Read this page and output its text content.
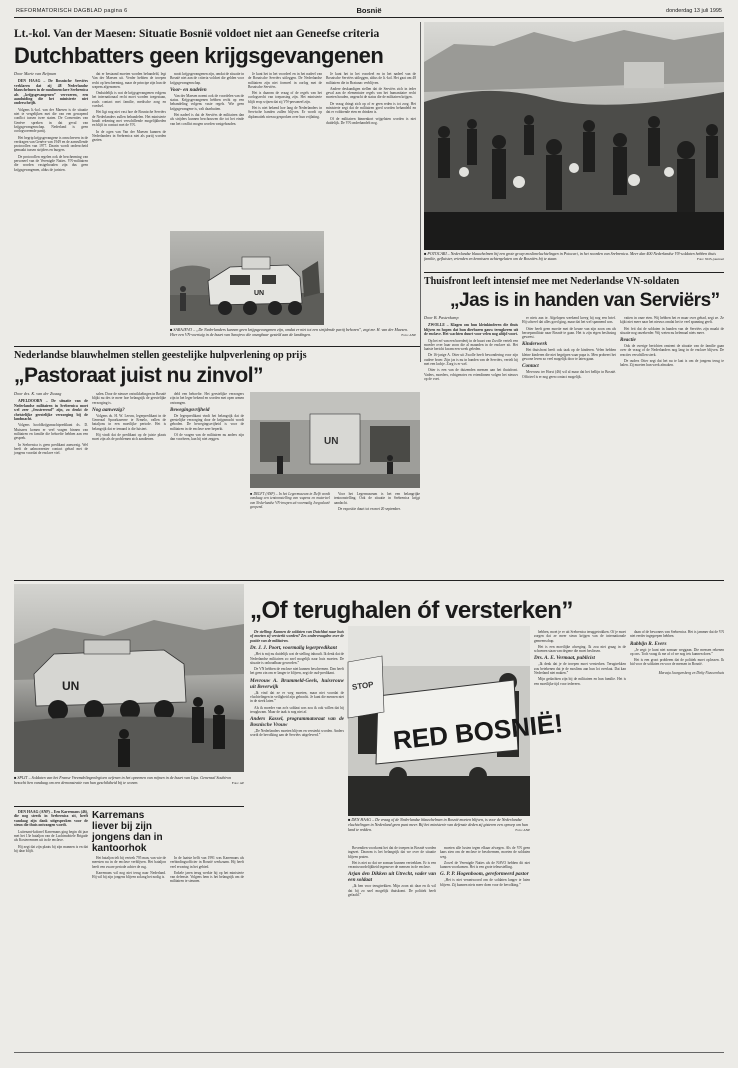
REFORMATORISCH DAGBLAD pagina 6	Bosnië	donderdag 13 juli 1995
Lt.-kol. Van der Maesen: Situatie Bosnië voldoet niet aan Geneefse criteria
Dutchbatters geen krijgsgevangenen
Door Marie van Beijnum

DEN HAAG – De Bosnische Serviërs verklaren dat zij 48 Nederlandse blauwhelmen in de moslimenclave Srebrenica als „krijgsgevangenen” vervoeren, een aanduiding die het ministerie niet onderschrijft.

Volgens lt.-kol. van der Maesen is de situatie niet te vergelijken met die van een gewapend conflict tussen twee staten. De Conventies van Genève spreken in dat geval van krijgsgevangenschap. Nederland is geen oorlogvoerende partij.

Het begrip krijgsgevangene is omschreven in de verdragen van Genève van 1949 en de aanvullende protocollen van 1977. Daarin wordt onderscheid gemaakt tussen strijders en burgers.

De protocollen regelen ook de bescherming van personeel van de Verenigde Naties. VN-militairen die worden vastgehouden zijn dus geen krijgsgevangenen, aldus de juristen.

dat er bestaand moeten worden behandeld, legt Van der Maesen uit. Verder hebben de troepen recht op bescherming, maar de principe zijn hun de wapens afgenomen.

Onduidelijk is wat de krijgsgevangenen volgens het internationaal recht moet worden toegestaan, zoals contact met familie, medische zorg en voedsel.

Het ligt nog niet vast hoe de Bosnische Serviërs de Nederlanders zullen behandelen. Het ministerie houdt rekening met verschillende mogelijkheden en blijft in contact met de VN.

In de ogen van Van der Maesen kunnen de Nederlanders in Srebrenica niet als partij worden gezien.

nooit krijgsgevangenen zijn, omdat de situatie in Bosnië niet aan de criteria voldoet die gelden voor krijgsgevangenschap.

Voor- en nadelen

Van der Maesen noemt ook de voordelen van de status. Krijgsgevangenen hebben recht op een behandeling volgens vaste regels. Wie geen krijgsgevangene is, valt daarbuiten.

Het nadeel is dat de Serviërs de militairen dan als strijders kunnen beschouwen die tot het einde van het conflict mogen worden vastgehouden.

Je kunt het in het voordeel en in het nadeel van de Bosnische Serviërs uitleggen. De Nederlandse militairen zijn niet formeel in oorlog met de Bosnische Serviërs.

Het is daarom de vraag of de regels van het oorlogsrecht van toepassing zijn. Het ministerie blijft erop wijzen dat zij VN-personeel zijn.

Het is niet bekend hoe lang de Nederlanders in Servische handen zullen blijven. Er wordt op diplomatiek niveau gesproken over hun vrijlating.

Je kunt het in het voordeel en in het nadeel van de Bosnische Serviërs uitleggen, aldus de lt.-kol. Het gaat om 48 militairen die in Bratunac verblijven.

Andere deskundigen stellen dat de Serviërs zich in ieder geval aan de elementaire regels van het humanitaire recht moeten houden, ongeacht de status die de militairen krijgen.

De vraag dringt zich op of er geen reden is tot zorg. Het ministerie zegt dat de militairen goed worden behandeld en dat er voldoende eten en drinken is.

Of de militairen binnenkort vrijgelaten worden is niet duidelijk. De VN onderhandelt nog.

UN
■ SARAJEVO – „De Nederlanders kunnen geen krijgsgevangenen zijn, omdat er niet tot een strijdende partij behoren”, zegt mr. H. van der Maesen. Hier een VN-voertuig in de buurt van Sarajevo die onzegbaar gesteld aan de landingen.	Foto: ANP
■ POTOCARI – Nederlandse blauwhelmen bij een grote groep moslimvluchtelingen in Potocari, in het noorden van Srebrenica. Meer dan 400 Nederlandse VN-soldaten hebben thuis familie, gefluister, vrienden en kennissen achtergelaten om de Bosniërs bij te staan.	Foto: NOS-journaal
Thuisfront leeft intensief mee met Nederlandse VN-soldaten
„Jas is in handen van Serviërs”
Door B. Pasterkamp

ZWOLLE – Klagen om hun kleinkinderen die thuis blijven en hopen dat hun dierbaren gauw terugkeren uit de enclave. Het wachten duurt voor velen nog altijd voort.

Op het erf van een boerderij in de buurt van Zwolle vertelt een moeder over haar zoon die al maanden in de enclave zit. Het laatste bericht kwam een week geleden.

De 16-jarige A. Otter uit Zwolle heeft bewondering voor zijn oudere broer. Zijn jas is nu in handen van de Serviërs, vertelt hij met een lachje. Zorg is er wel.

Otter is een van de duizenden mensen aan het thuisfront. Vaders, moeders, echtgenotes en vriendinnen volgen het nieuws op de voet.

er niets aan te. Afgelopen weekend kreeg hij nog een brief. Hij schreef dat alles goed ging, maar dat het wel spannend was.

Otter heeft geen moeite met de keuze van zijn zoon om als beroepsmilitair naar Bosnië te gaan. Het is zijn eigen beslissing geweest.

Kinderwerk

Het thuisfront heeft ook taak op de kinderen. Velen hebben kleine kinderen die niet begrijpen waar papa is. Men probeert het gewone leven zo veel mogelijk door te laten gaan.

Contact

Mevrouw ter Horst (46) wil al maar dat het bellijn in Bosnië. Officieel is er nog geen contact mogelijk.

vatten in onze eten. Wij hebben het er maar over gehad, zegt ze. Ze kijkt niet meer naar het nieuws omdat het te veel spanning geeft.

Het feit dat de soldaten in handen van de Serviërs zijn maakt de situatie nog onzekerder. Wij weten nu helemaal niets meer.

Reactie

Ook de overige berichten omtrent de situatie van de familie gaan over de vraag of de Nederlanders nog lang in de enclave blijven. De reacties verschillen sterk.

De ouders Otter zegt dat het nu te laat is om de jongens terug te halen. Zij moeten hun werk afmaken.

Nederlandse blauwhelmen stellen geestelijke hulpverlening op prijs
„Pastoraat juist nu zinvol”
Door drs. K. van der Zwaag

APELDOORN – De situatie van de Nederlandse militairen in Srebrenica moet wel zeer „frustrerend” zijn, zo denkt de christelijke geestelijke verzorging bij de landmacht.

Volgens hoofdkrijgsmachtpredikant ds. D. Mutsaers komen er veel vragen binnen van militairen en familie die behoefte hebben aan een gesprek.

In Srebrenica is geen predikant aanwezig. Wel heeft de aalmoezenier contact gehad met de jongens voordat de enclave viel.

salen. Door de nieuwe ontwikkelingen in Bosnië blijkt nu des te meer hoe belangrijk de geestelijke verzorging is.

Nog aanwezig?

Volgens ds. H. W. Leeuw, legerpredikant in de Generaal Spoorkazerne te Ermelo, vallen de bataljons in een moeilijke periode. Het is belangrijk dat er iemand is die luistert.

Hij vindt dat de predikant op de juiste plaats moet zijn als de problemen zich aandienen.

deld een behoefte. Het geestelijke verzorgers zijn in het leger bekend en worden met open armen ontvangen.

Bewegingsvrijheid

De legerpredikant vindt het belangrijk dat de geestelijke verzorging door de krijgsmacht wordt geboden. De bewegingsvrijheid is voor de militairen in de enclave zeer beperkt.

Of de vragen van de militairen nu anders zijn dan voorheen, kan hij niet zeggen.	UN
■ DELFT (ANP) – In het Legermuseum in Delft wordt vandaag een tentoonstelling van wapens en materieel van Nederlandse VN-troepen uit voormalig Joegoslavië geopend.

Voor het Legermuseum is het een belangrijke tentoonstelling. Ook de situatie in Srebrenica krijgt aandacht.

De expositie duurt tot en met 20 september.

„Of terughalen óf versterken”
UN
■ SPLIT – Soldaten van het Franse Vreemdelingenlegioen oefenen in het opnemen van mijnen in de buurt van Lipa. Generaal Soubiron bezocht hen vandaag om een demonstratie van hun geschiktheid bij te wonen.	Foto: AP

De stelling: Kunnen de soldaten van Dutchbat naar huis of moeten zij versterkt worden? Zes ondervraagden over de positie van de militairen.

Dr. J. J. Poort, voormalig legerpredikant

„Het is mij nu duidelijk wat de stelling inhoudt. Ik denk dat de Nederlandse militairen zo snel mogelijk naar huis moeten. De situatie is onhoudbaar geworden.”

De VN hebben de enclave niet kunnen beschermen. Dan heeft het geen zin om er langer te blijven, zegt de oud-predikant.

Mevrouw A. Brummeld-Geels, huisvrouw uit Beverwijk

„Ik vind dat ze er weg moeten, maar niet voordat de vluchtelingen in veiligheid zijn gebracht. Je kunt die mensen niet in de steek laten.”

Als ik moeder van zo'n soldaat was zou ik ook willen dat hij terugkwam. Maar de taak is nog niet af.

Anders Kassel, programmatoraat van de Bosnische Vrouw

„De Nederlanders moeten blijven en versterkt worden. Anders wordt de bevolking aan de Serviërs uitgeleverd.”	RED BOSNIË!
STOP
■ DEN HAAG – De vraag of de Nederlandse blauwhelmen in Bosnië moeten blijven, is voor de Nederlandse vluchtelingen in Nederland geen punt meer. Bij het ministerie van defensie deden zij gisteren een oproep om hun land te redden.	Foto: ANP

Bovendien voorkomt het dat de troepen in Bosnië worden ingezet. Daarom is het belangrijk dat we over de situatie blijven praten.

Het is niet zo dat we zomaar kunnen vertrekken. Er is een verantwoordelijkheid tegenover de mensen in de enclave.

Arjan den Dikken uit Utrecht, vader van een soldaat

„Ik ben voor terugtrekken. Mijn zoon zit daar en ik wil dat hij zo snel mogelijk thuiskomt. De politiek heeft gefaald.”

moeten alle lusten tegen elkaar afwegen. Als de VN geen kans zien om de enclave te beschermen, moeten de soldaten weg.

Zowel de Verenigde Naties als de NAVO hebben dit niet kunnen voorkomen. Het is een grote teleurstelling.

G. P. P. Hogenboom, gereformeerd pastor

„Het is niet verantwoord om de soldaten langer te laten blijven. Zij kunnen niets meer doen voor de bevolking.”

hebben, moet je er uit Srebrenica teruggetrokken. Of je moet zorgen dat ze meer steun krijgen van de internationale gemeenschap.

Het is een moeilijke afweging. Ik zou niet graag in de schoenen staan van degene die moet beslissen.

Drs. A. E. Vermaat, publicist

„Ik denk dat je de troepen moet versterken. Terugtrekken zou betekenen dat je de moslims aan hun lot overlaat. Dat kan Nederland niet maken.”

Mijn gedachten zijn bij de militairen en hun familie. Het is een moeilijke tijd voor iedereen.

daan of de bewoners van Srebrenica. Het is jammer dat de VN niet eerder ingegrepen hebben.

Rabbijn R. Evers

„Je zegt: je kunt niet zomaar weggaan. Die mensen rekenen op ons. Toch vraag ik me af of we nog iets kunnen doen.”

Het is een groot probleem dat de politiek moet oplossen. Ik bid voor de soldaten en voor de mensen in Bosnië.

Marusja Jaargensberg en Dirky Nieuwenhuis

DEN HAAG (ANP) – Een Karremans (46), die nog steeds in Srebrenica zit, heeft vandaag zijn dank uitgesproken voor de steun die thuis ontvangen wordt.

Luitenant-kolonel Karremans ging begin dit jaar met het 13e bataljon van de Luchtmobiele Brigade als Kosterrennen uit in de enclave.

Hij zegt dat zijn plaats bij zijn mannen is en dat hij daar blijft.

Karremans liever bij zijn jongens dan in kantoorhok

Het bataljon telt bij vertrek 795 man, van wie de meesten nu in de enclave verblijven. Het bataljon heeft een zware periode achter de rug.

Karremans wil nog niet terug naar Nederland. Hij wil bij zijn jongens blijven zolang het nodig is.

In de laatste helft van 1991 was Karremans als verbindingsofficier in Bosnië werkzaam. Hij heeft veel ervaring in het gebied.

Enkele jaren terug werkte hij op het ministerie van defensie. Volgens hem is het belangrijk om de militairen te steunen.
